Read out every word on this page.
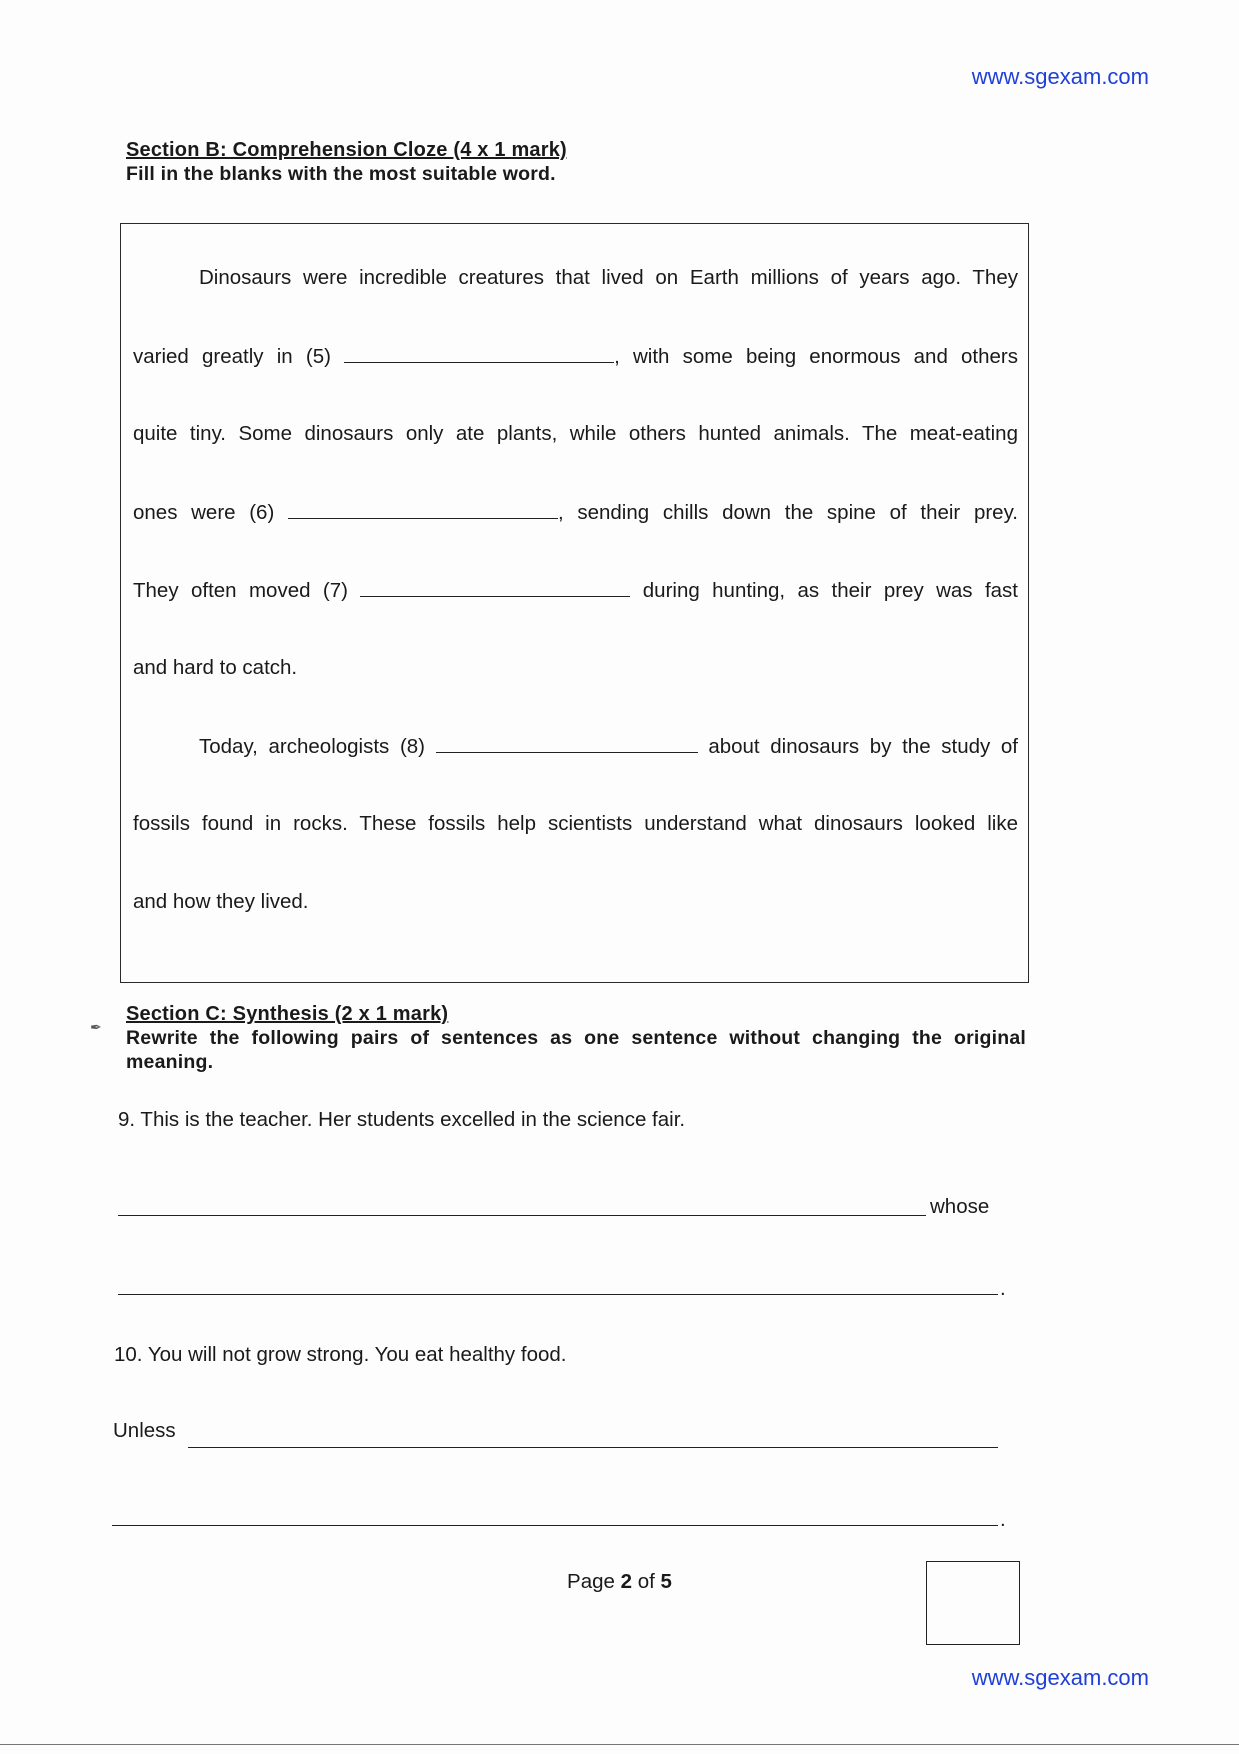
www.sgexam.com
Section B: Comprehension Cloze (4 x 1 mark)
Fill in the blanks with the most suitable word.
Dinosaurs were incredible creatures that lived on Earth millions of years ago. They
varied greatly in (5)	, with some being enormous and others
quite tiny. Some dinosaurs only ate plants, while others hunted animals. The meat-eating
ones were (6)	, sending chills down the spine of their prey.
They often moved (7)	during hunting, as their prey was fast
and hard to catch.
Today, archeologists (8)	about dinosaurs by the study of
fossils found in rocks. These fossils help scientists understand what dinosaurs looked like
and how they lived.
✒
Section C: Synthesis (2 x 1 mark)
Rewrite the following pairs of sentences as one sentence without changing the original meaning.
9. This is the teacher. Her students excelled in the science fair.
whose
.
10. You will not grow strong. You eat healthy food.
Unless
.
Page 2 of 5
www.sgexam.com
